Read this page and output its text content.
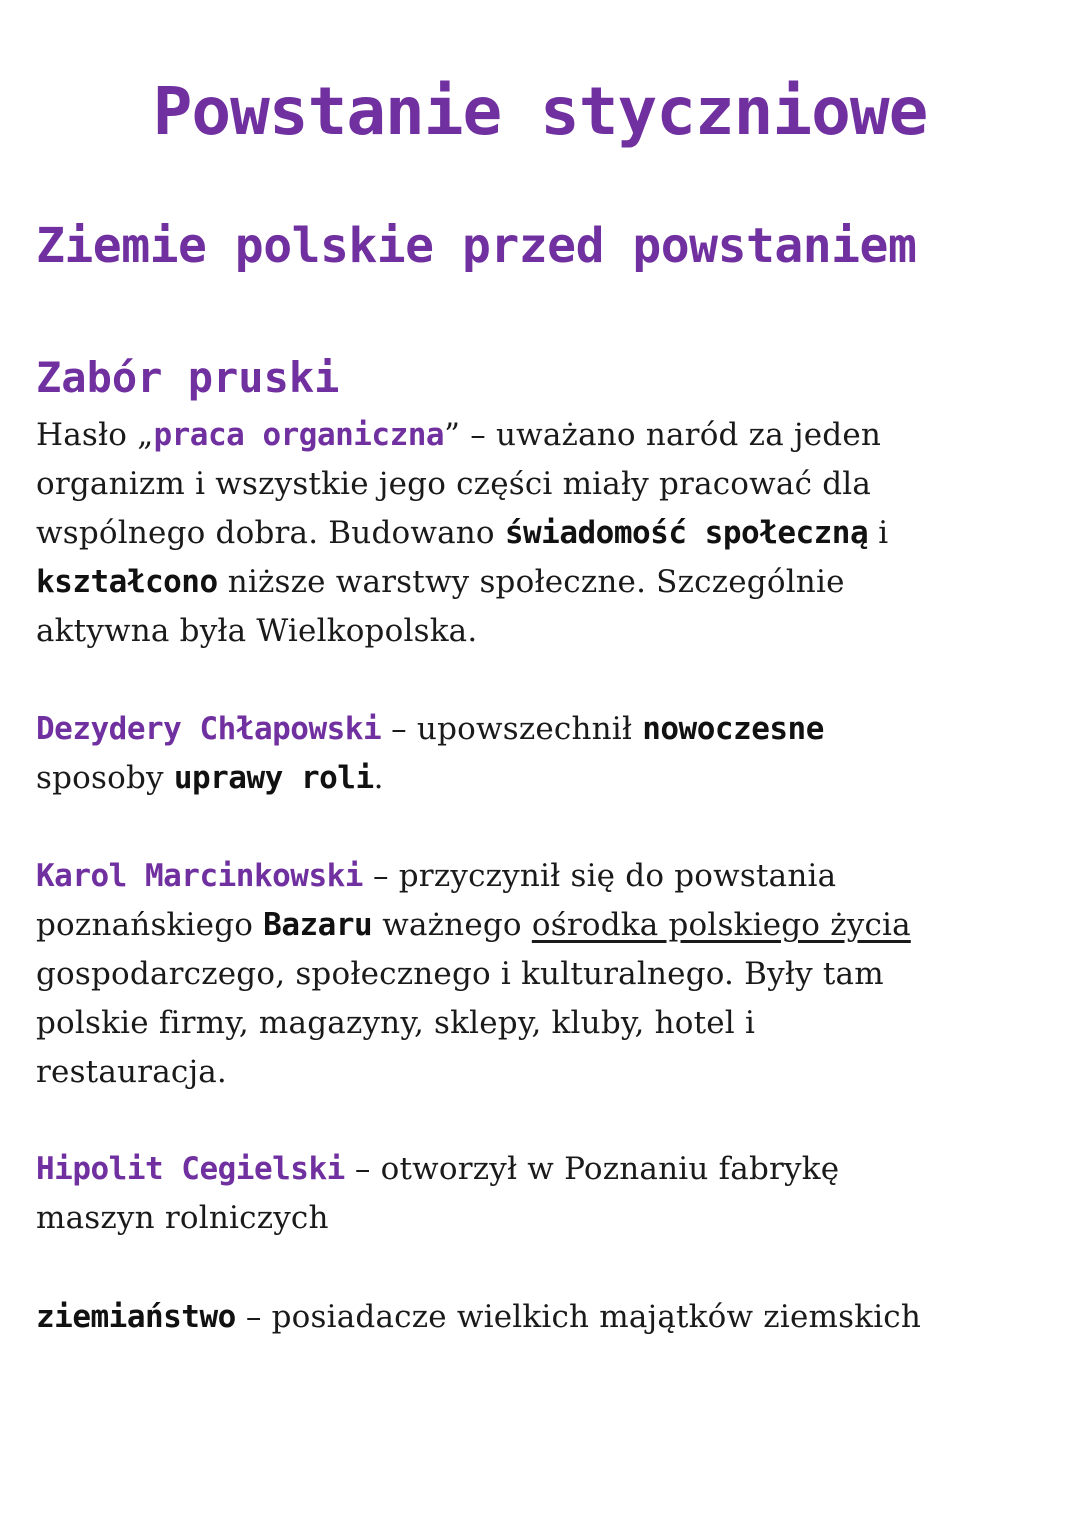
Powstanie styczniowe
Ziemie polskie przed powstaniem
Zabór pruski

Hasło „praca organiczna” – uważano naród za jeden
organizm i wszystkie jego części miały pracować dla
wspólnego dobra. Budowano świadomość społeczną i
kształcono niższe warstwy społeczne. Szczególnie
aktywna była Wielkopolska.

Dezydery Chłapowski – upowszechnił nowoczesne
sposoby uprawy roli.

Karol Marcinkowski – przyczynił się do powstania
poznańskiego Bazaru ważnego ośrodka polskiego życia
gospodarczego, społecznego i kulturalnego. Były tam
polskie firmy, magazyny, sklepy, kluby, hotel i
restauracja.

Hipolit Cegielski – otworzył w Poznaniu fabrykę
maszyn rolniczych

ziemiaństwo – posiadacze wielkich majątków ziemskich
